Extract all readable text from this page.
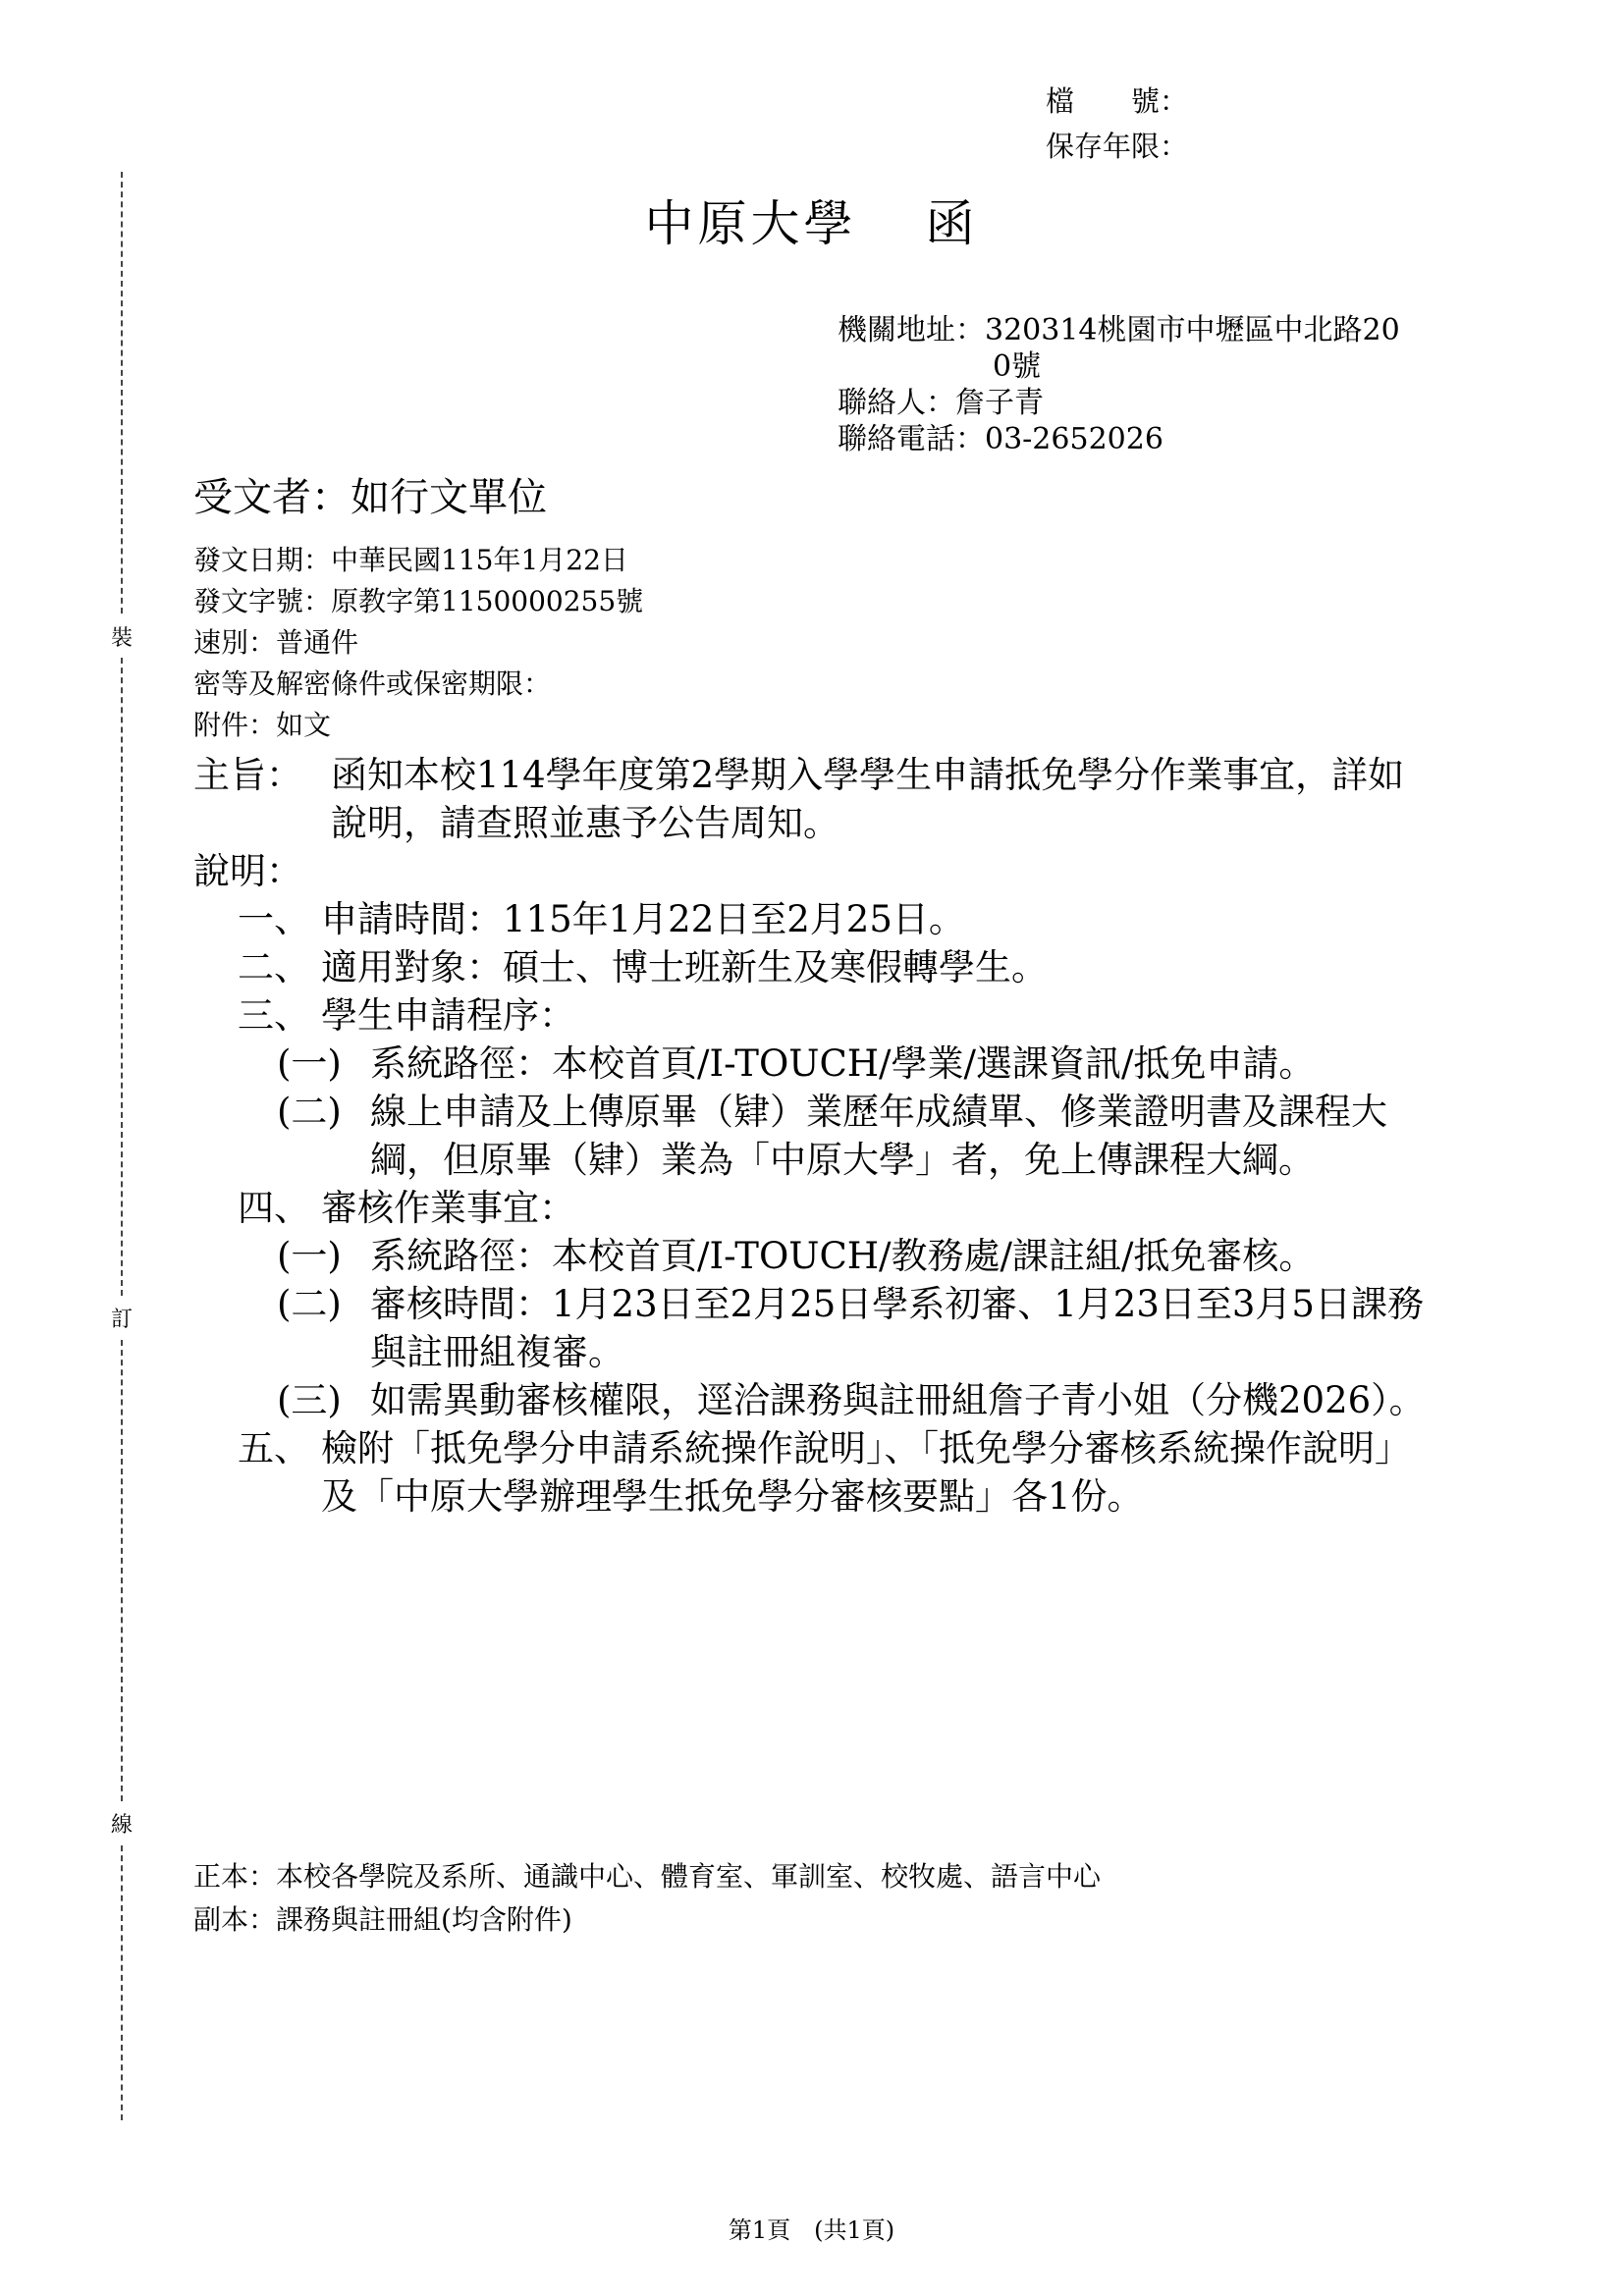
檔　　號：
保存年限：
裝
訂
線
中原大學 函
機關地址：320314桃園市中壢區中北路20
0號
聯絡人：詹子青
聯絡電話：03-2652026
受文者：如行文單位
發文日期：中華民國115年1月22日
發文字號：原教字第1150000255號
速別：普通件
密等及解密條件或保密期限：
附件：如文

主旨： 函知本校114學年度第2學期入學學生申請抵免學分作業事宜，詳如說明，請查照並惠予公告周知。

說明：

一、 申請時間：115年1月22日至2月25日。

二、 適用對象：碩士、博士班新生及寒假轉學生。

三、 學生申請程序：

(一) 系統路徑：本校首頁/I-TOUCH/學業/選課資訊/抵免申請。

(二) 線上申請及上傳原畢（肄）業歷年成績單、修業證明書及課程大綱，但原畢（肄）業為「中原大學」者，免上傳課程大綱。

四、 審核作業事宜：

(一) 系統路徑：本校首頁/I-TOUCH/教務處/課註組/抵免審核。

(二) 審核時間：1月23日至2月25日學系初審、1月23日至3月5日課務與註冊組複審。

(三) 如需異動審核權限，逕洽課務與註冊組詹子青小姐（分機2026）。

五、 檢附「抵免學分申請系統操作說明」、「抵免學分審核系統操作說明」及「中原大學辦理學生抵免學分審核要點」各1份。

正本：本校各學院及系所、通識中心、體育室、軍訓室、校牧處、語言中心
副本：課務與註冊組(均含附件)
第1頁　(共1頁)
